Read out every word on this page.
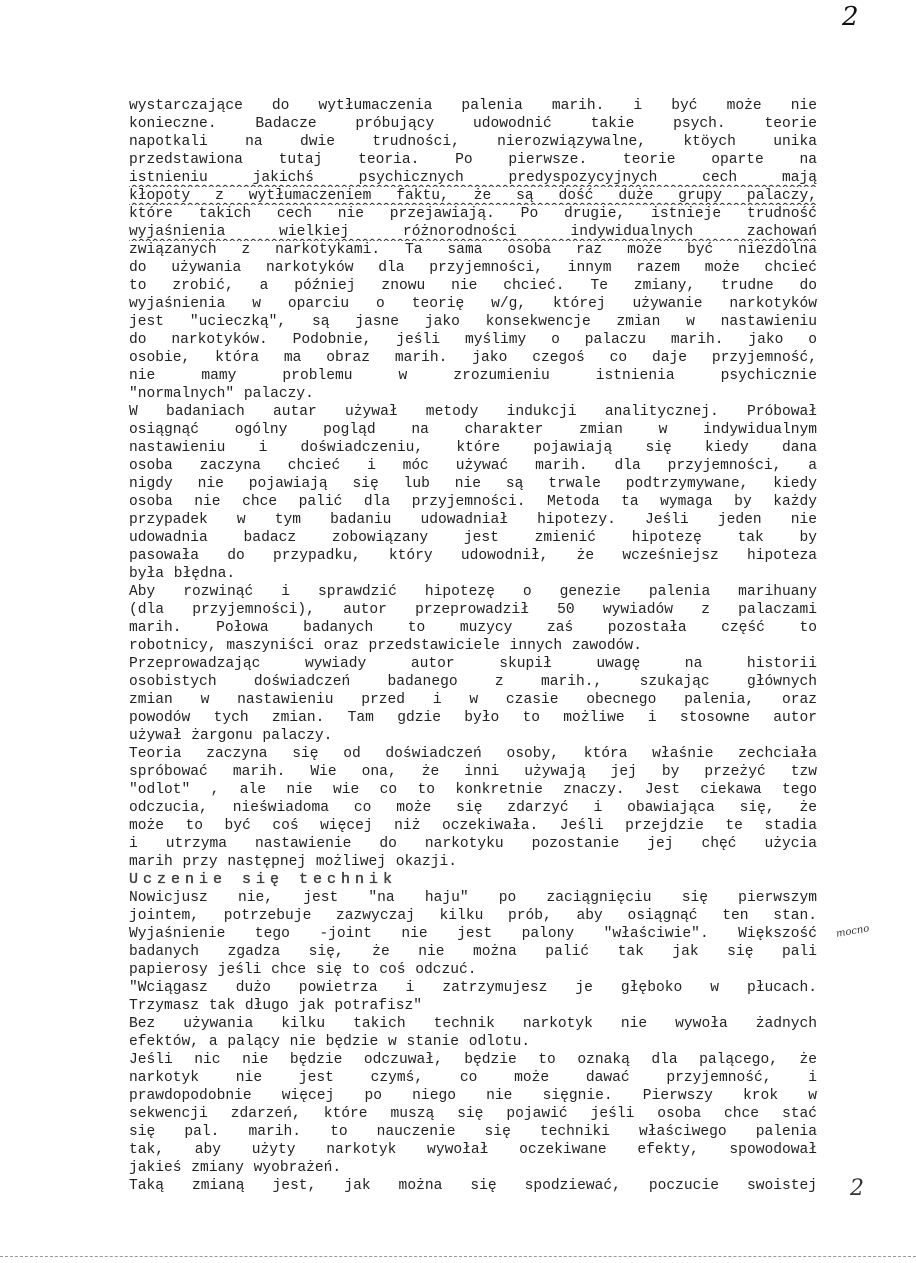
2
wystarczające do wytłumaczenia palenia marih. i być może nie
konieczne. Badacze próbujący udowodnić takie psych. teorie
napotkali na dwie trudności, nierozwiązywalne, ktöych unika
przedstawiona tutaj teoria. Po pierwsze. teorie oparte na
istnieniu jakichś psychicznych predyspozycyjnych cech mają
kłopoty z wytłumaczeniem faktu, że są dość duże grupy palaczy,
które takich cech nie przejawiają. Po drugie, istnieje trudność
wyjaśnienia wielkiej różnorodności indywidualnych zachowań
związanych z narkotykami. Ta sama osoba raz może być niezdolna
do używania narkotyków dla przyjemności, innym razem może chcieć
to zrobić, a później znowu nie chcieć. Te zmiany, trudne do
wyjaśnienia w oparciu o teorię w/g, której używanie narkotyków
jest "ucieczką", są jasne jako konsekwencje zmian w nastawieniu
do narkotyków. Podobnie, jeśli myślimy o palaczu marih. jako o
osobie, która ma obraz marih. jako czegoś co daje przyjemność,
nie mamy problemu w zrozumieniu istnienia psychicznie
"normalnych" palaczy.
W badaniach autar używał metody indukcji analitycznej. Próbował
osiągnąć ogólny pogląd na charakter zmian w indywidualnym
nastawieniu i doświadczeniu, które pojawiają się kiedy dana
osoba zaczyna chcieć i móc używać marih. dla przyjemności, a
nigdy nie pojawiają się lub nie są trwale podtrzymywane, kiedy
osoba nie chce palić dla przyjemności. Metoda ta wymaga by każdy
przypadek w tym badaniu udowadniał hipotezy. Jeśli jeden nie
udowadnia badacz zobowiązany jest zmienić hipotezę tak by
pasowała do przypadku, który udowodnił, że wcześniejsz hipoteza
była błędna.
Aby rozwinąć i sprawdzić hipotezę o genezie palenia marihuany
(dla przyjemności), autor przeprowadził 50 wywiadów z palaczami
marih. Połowa badanych to muzycy zaś pozostała część to
robotnicy, maszyniści oraz przedstawiciele innych zawodów.
Przeprowadzając wywiady autor skupił uwagę na historii
osobistych doświadczeń badanego z marih., szukając głównych
zmian w nastawieniu przed i w czasie obecnego palenia, oraz
powodów tych zmian. Tam gdzie było to możliwe i stosowne autor
używał żargonu palaczy.
Teoria zaczyna się od doświadczeń osoby, która właśnie zechciała
spróbować marih. Wie ona, że inni używają jej by przeżyć tzw
"odlot" , ale nie wie co to konkretnie znaczy. Jest ciekawa tego
odczucia, nieświadoma co może się zdarzyć i obawiająca się, że
może to być coś więcej niż oczekiwała. Jeśli przejdzie te stadia
i utrzyma nastawienie do narkotyku pozostanie jej chęć użycia
marih przy następnej możliwej okazji.
Uczenie się technik
Nowicjusz nie, jest "na haju" po zaciągnięciu się pierwszym
jointem, potrzebuje zazwyczaj kilku prób, aby osiągnąć ten stan.
Wyjaśnienie tego -joint nie jest palony "właściwie". Większość
badanych zgadza się, że nie można palić tak jak się pali
papierosy jeśli chce się to coś odczuć.
"Wciągasz dużo powietrza i zatrzymujesz je głęboko w płucach.
Trzymasz tak długo jak potrafisz"
Bez używania kilku takich technik narkotyk nie wywoła żadnych
efektów, a palący nie będzie w stanie odlotu.
Jeśli nic nie będzie odczuwał, będzie to oznaką dla palącego, że
narkotyk nie jest czymś, co może dawać przyjemność, i
prawdopodobnie więcej po niego nie sięgnie. Pierwszy krok w
sekwencji zdarzeń, które muszą się pojawić jeśli osoba chce stać
się pal. marih. to nauczenie się techniki właściwego palenia
tak, aby użyty narkotyk wywołał oczekiwane efekty, spowodował
jakieś zmiany wyobrażeń.
Taką zmianą jest, jak można się spodziewać, poczucie swoistej
mocno
2
